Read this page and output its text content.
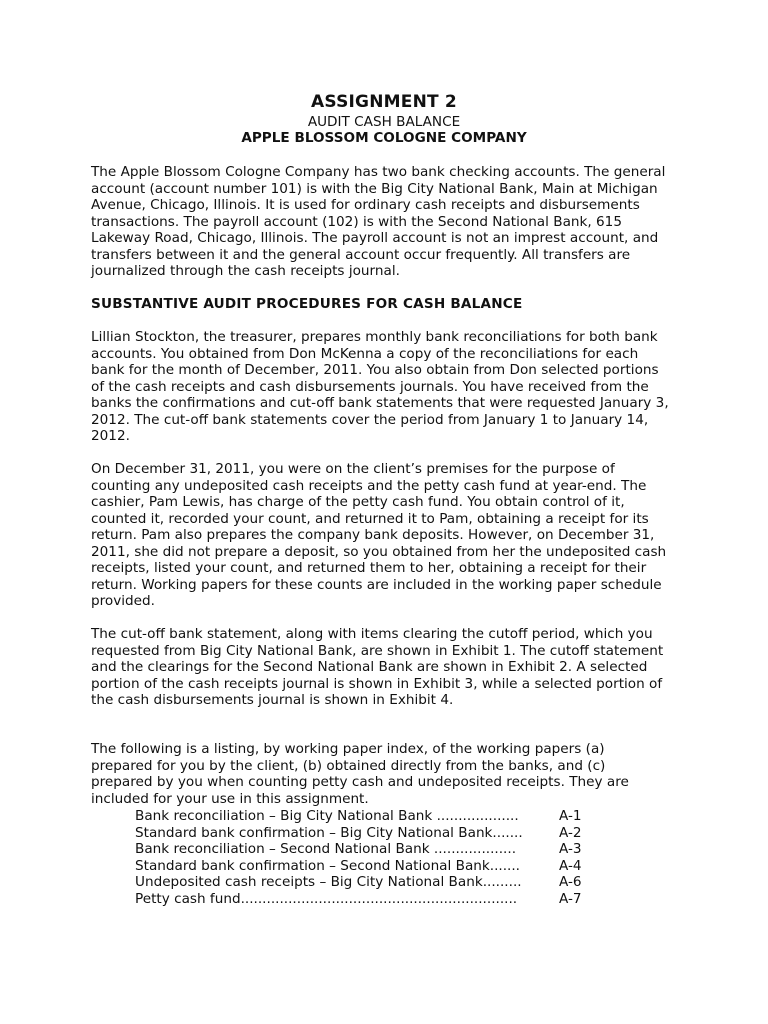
ASSIGNMENT 2
AUDIT CASH BALANCE
APPLE BLOSSOM COLOGNE COMPANY
The Apple Blossom Cologne Company has two bank checking accounts. The general
account (account number 101) is with the Big City National Bank, Main at Michigan
Avenue, Chicago, Illinois. It is used for ordinary cash receipts and disbursements
transactions. The payroll account (102) is with the Second National Bank, 615
Lakeway Road, Chicago, Illinois. The payroll account is not an imprest account, and
transfers between it and the general account occur frequently. All transfers are
journalized through the cash receipts journal.
SUBSTANTIVE AUDIT PROCEDURES FOR CASH BALANCE
Lillian Stockton, the treasurer, prepares monthly bank reconciliations for both bank
accounts. You obtained from Don McKenna a copy of the reconciliations for each
bank for the month of December, 2011. You also obtain from Don selected portions
of the cash receipts and cash disbursements journals. You have received from the
banks the confirmations and cut-off bank statements that were requested January 3,
2012. The cut-off bank statements cover the period from January 1 to January 14,
2012.
On December 31, 2011, you were on the client’s premises for the purpose of
counting any undeposited cash receipts and the petty cash fund at year-end. The
cashier, Pam Lewis, has charge of the petty cash fund. You obtain control of it,
counted it, recorded your count, and returned it to Pam, obtaining a receipt for its
return. Pam also prepares the company bank deposits. However, on December 31,
2011, she did not prepare a deposit, so you obtained from her the undeposited cash
receipts, listed your count, and returned them to her, obtaining a receipt for their
return. Working papers for these counts are included in the working paper schedule
provided.
The cut-off bank statement, along with items clearing the cutoff period, which you
requested from Big City National Bank, are shown in Exhibit 1. The cutoff statement
and the clearings for the Second National Bank are shown in Exhibit 2. A selected
portion of the cash receipts journal is shown in Exhibit 3, while a selected portion of
the cash disbursements journal is shown in Exhibit 4.
The following is a listing, by working paper index, of the working papers (a)
prepared for you by the client, (b) obtained directly from the banks, and (c)
prepared by you when counting petty cash and undeposited receipts. They are
included for your use in this assignment.
Bank reconciliation – Big City National Bank ...................	A-1
Standard bank confirmation – Big City National Bank.......	A-2
Bank reconciliation – Second National Bank ...................	A-3
Standard bank confirmation – Second National Bank.......	A-4
Undeposited cash receipts – Big City National Bank.........	A-6
Petty cash fund................................................................	A-7
